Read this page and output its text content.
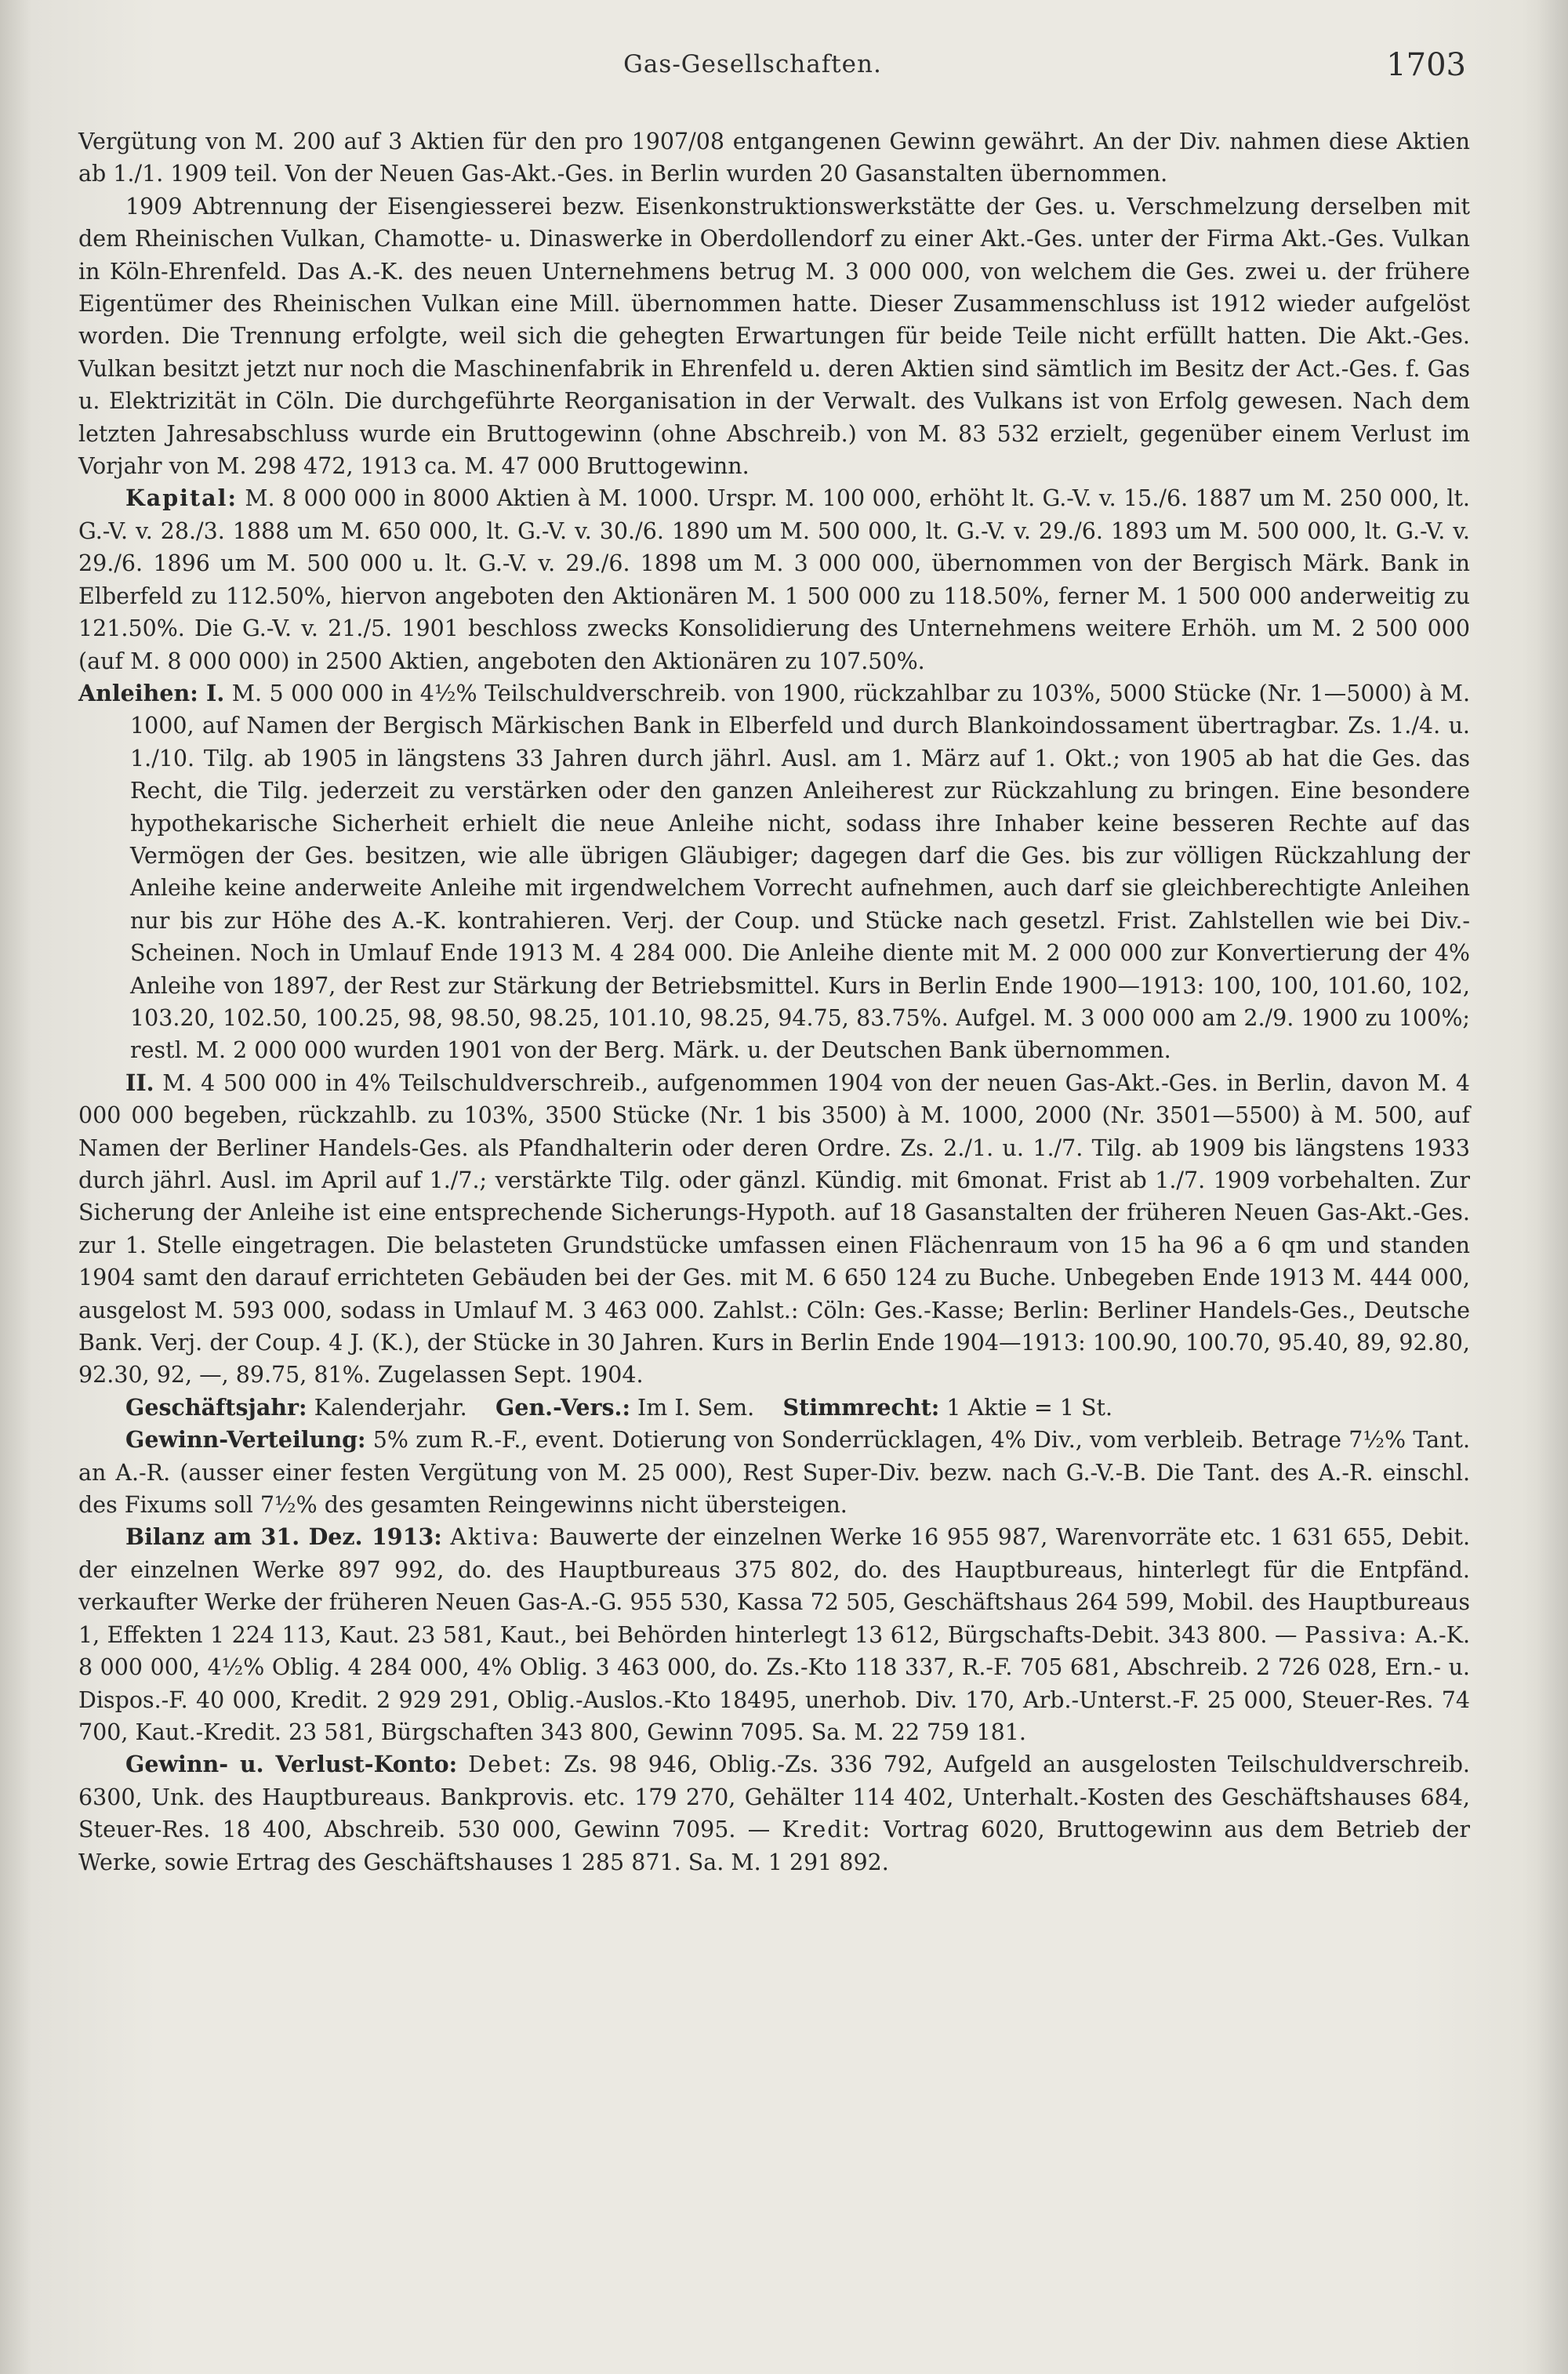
Gas-Gesellschaften.	1703

Vergütung von M. 200 auf 3 Aktien für den pro 1907/08 entgangenen Gewinn gewährt. An der Div. nahmen diese Aktien ab 1./1. 1909 teil. Von der Neuen Gas-Akt.-Ges. in Berlin wurden 20 Gasanstalten übernommen.

1909 Abtrennung der Eisengiesserei bezw. Eisenkonstruktionswerkstätte der Ges. u. Verschmelzung derselben mit dem Rheinischen Vulkan, Chamotte- u. Dinaswerke in Oberdollendorf zu einer Akt.-Ges. unter der Firma Akt.-Ges. Vulkan in Köln-Ehrenfeld. Das A.-K. des neuen Unternehmens betrug M. 3 000 000, von welchem die Ges. zwei u. der frühere Eigentümer des Rheinischen Vulkan eine Mill. übernommen hatte. Dieser Zusammenschluss ist 1912 wieder aufgelöst worden. Die Trennung erfolgte, weil sich die gehegten Erwartungen für beide Teile nicht erfüllt hatten. Die Akt.-Ges. Vulkan besitzt jetzt nur noch die Maschinenfabrik in Ehrenfeld u. deren Aktien sind sämtlich im Besitz der Act.-Ges. f. Gas u. Elektrizität in Cöln. Die durchgeführte Reorganisation in der Verwalt. des Vulkans ist von Erfolg gewesen. Nach dem letzten Jahresabschluss wurde ein Bruttogewinn (ohne Abschreib.) von M. 83 532 erzielt, gegenüber einem Verlust im Vorjahr von M. 298 472, 1913 ca. M. 47 000 Bruttogewinn.

Kapital: M. 8 000 000 in 8000 Aktien à M. 1000. Urspr. M. 100 000, erhöht lt. G.-V. v. 15./6. 1887 um M. 250 000, lt. G.-V. v. 28./3. 1888 um M. 650 000, lt. G.-V. v. 30./6. 1890 um M. 500 000, lt. G.-V. v. 29./6. 1893 um M. 500 000, lt. G.-V. v. 29./6. 1896 um M. 500 000 u. lt. G.-V. v. 29./6. 1898 um M. 3 000 000, übernommen von der Bergisch Märk. Bank in Elberfeld zu 112.50%, hiervon angeboten den Aktionären M. 1 500 000 zu 118.50%, ferner M. 1 500 000 anderweitig zu 121.50%. Die G.-V. v. 21./5. 1901 beschloss zwecks Konsolidierung des Unternehmens weitere Erhöh. um M. 2 500 000 (auf M. 8 000 000) in 2500 Aktien, angeboten den Aktionären zu 107.50%.

Anleihen: I. M. 5 000 000 in 4½% Teilschuldverschreib. von 1900, rückzahlbar zu 103%, 5000 Stücke (Nr. 1—5000) à M. 1000, auf Namen der Bergisch Märkischen Bank in Elberfeld und durch Blankoindossament übertragbar. Zs. 1./4. u. 1./10. Tilg. ab 1905 in längstens 33 Jahren durch jährl. Ausl. am 1. März auf 1. Okt.; von 1905 ab hat die Ges. das Recht, die Tilg. jederzeit zu verstärken oder den ganzen Anleiherest zur Rückzahlung zu bringen. Eine besondere hypothekarische Sicherheit erhielt die neue Anleihe nicht, sodass ihre Inhaber keine besseren Rechte auf das Vermögen der Ges. besitzen, wie alle übrigen Gläubiger; dagegen darf die Ges. bis zur völligen Rückzahlung der Anleihe keine anderweite Anleihe mit irgendwelchem Vorrecht aufnehmen, auch darf sie gleichberechtigte Anleihen nur bis zur Höhe des A.-K. kontrahieren. Verj. der Coup. und Stücke nach gesetzl. Frist. Zahlstellen wie bei Div.-Scheinen. Noch in Umlauf Ende 1913 M. 4 284 000. Die Anleihe diente mit M. 2 000 000 zur Konvertierung der 4% Anleihe von 1897, der Rest zur Stärkung der Betriebsmittel. Kurs in Berlin Ende 1900—1913: 100, 100, 101.60, 102, 103.20, 102.50, 100.25, 98, 98.50, 98.25, 101.10, 98.25, 94.75, 83.75%. Aufgel. M. 3 000 000 am 2./9. 1900 zu 100%; restl. M. 2 000 000 wurden 1901 von der Berg. Märk. u. der Deutschen Bank übernommen.

II. M. 4 500 000 in 4% Teilschuldverschreib., aufgenommen 1904 von der neuen Gas-Akt.-Ges. in Berlin, davon M. 4 000 000 begeben, rückzahlb. zu 103%, 3500 Stücke (Nr. 1 bis 3500) à M. 1000, 2000 (Nr. 3501—5500) à M. 500, auf Namen der Berliner Handels-Ges. als Pfandhalterin oder deren Ordre. Zs. 2./1. u. 1./7. Tilg. ab 1909 bis längstens 1933 durch jährl. Ausl. im April auf 1./7.; verstärkte Tilg. oder gänzl. Kündig. mit 6monat. Frist ab 1./7. 1909 vorbehalten. Zur Sicherung der Anleihe ist eine entsprechende Sicherungs-Hypoth. auf 18 Gasanstalten der früheren Neuen Gas-Akt.-Ges. zur 1. Stelle eingetragen. Die belasteten Grundstücke umfassen einen Flächenraum von 15 ha 96 a 6 qm und standen 1904 samt den darauf errichteten Gebäuden bei der Ges. mit M. 6 650 124 zu Buche. Unbegeben Ende 1913 M. 444 000, ausgelost M. 593 000, sodass in Umlauf M. 3 463 000. Zahlst.: Cöln: Ges.-Kasse; Berlin: Berliner Handels-Ges., Deutsche Bank. Verj. der Coup. 4 J. (K.), der Stücke in 30 Jahren. Kurs in Berlin Ende 1904—1913: 100.90, 100.70, 95.40, 89, 92.80, 92.30, 92, —, 89.75, 81%. Zugelassen Sept. 1904.

Geschäftsjahr: Kalenderjahr. Gen.-Vers.: Im I. Sem. Stimmrecht: 1 Aktie = 1 St.

Gewinn-Verteilung: 5% zum R.-F., event. Dotierung von Sonderrücklagen, 4% Div., vom verbleib. Betrage 7½% Tant. an A.-R. (ausser einer festen Vergütung von M. 25 000), Rest Super-Div. bezw. nach G.-V.-B. Die Tant. des A.-R. einschl. des Fixums soll 7½% des gesamten Reingewinns nicht übersteigen.

Bilanz am 31. Dez. 1913: Aktiva: Bauwerte der einzelnen Werke 16 955 987, Warenvorräte etc. 1 631 655, Debit. der einzelnen Werke 897 992, do. des Hauptbureaus 375 802, do. des Hauptbureaus, hinterlegt für die Entpfänd. verkaufter Werke der früheren Neuen Gas-A.-G. 955 530, Kassa 72 505, Geschäftshaus 264 599, Mobil. des Hauptbureaus 1, Effekten 1 224 113, Kaut. 23 581, Kaut., bei Behörden hinterlegt 13 612, Bürgschafts-Debit. 343 800. — Passiva: A.-K. 8 000 000, 4½% Oblig. 4 284 000, 4% Oblig. 3 463 000, do. Zs.-Kto 118 337, R.-F. 705 681, Abschreib. 2 726 028, Ern.- u. Dispos.-F. 40 000, Kredit. 2 929 291, Oblig.-Auslos.-Kto 18495, unerhob. Div. 170, Arb.-Unterst.-F. 25 000, Steuer-Res. 74 700, Kaut.-Kredit. 23 581, Bürgschaften 343 800, Gewinn 7095. Sa. M. 22 759 181.

Gewinn- u. Verlust-Konto: Debet: Zs. 98 946, Oblig.-Zs. 336 792, Aufgeld an ausgelosten Teilschuldverschreib. 6300, Unk. des Hauptbureaus. Bankprovis. etc. 179 270, Gehälter 114 402, Unterhalt.-Kosten des Geschäftshauses 684, Steuer-Res. 18 400, Abschreib. 530 000, Gewinn 7095. — Kredit: Vortrag 6020, Bruttogewinn aus dem Betrieb der Werke, sowie Ertrag des Geschäftshauses 1 285 871. Sa. M. 1 291 892.
